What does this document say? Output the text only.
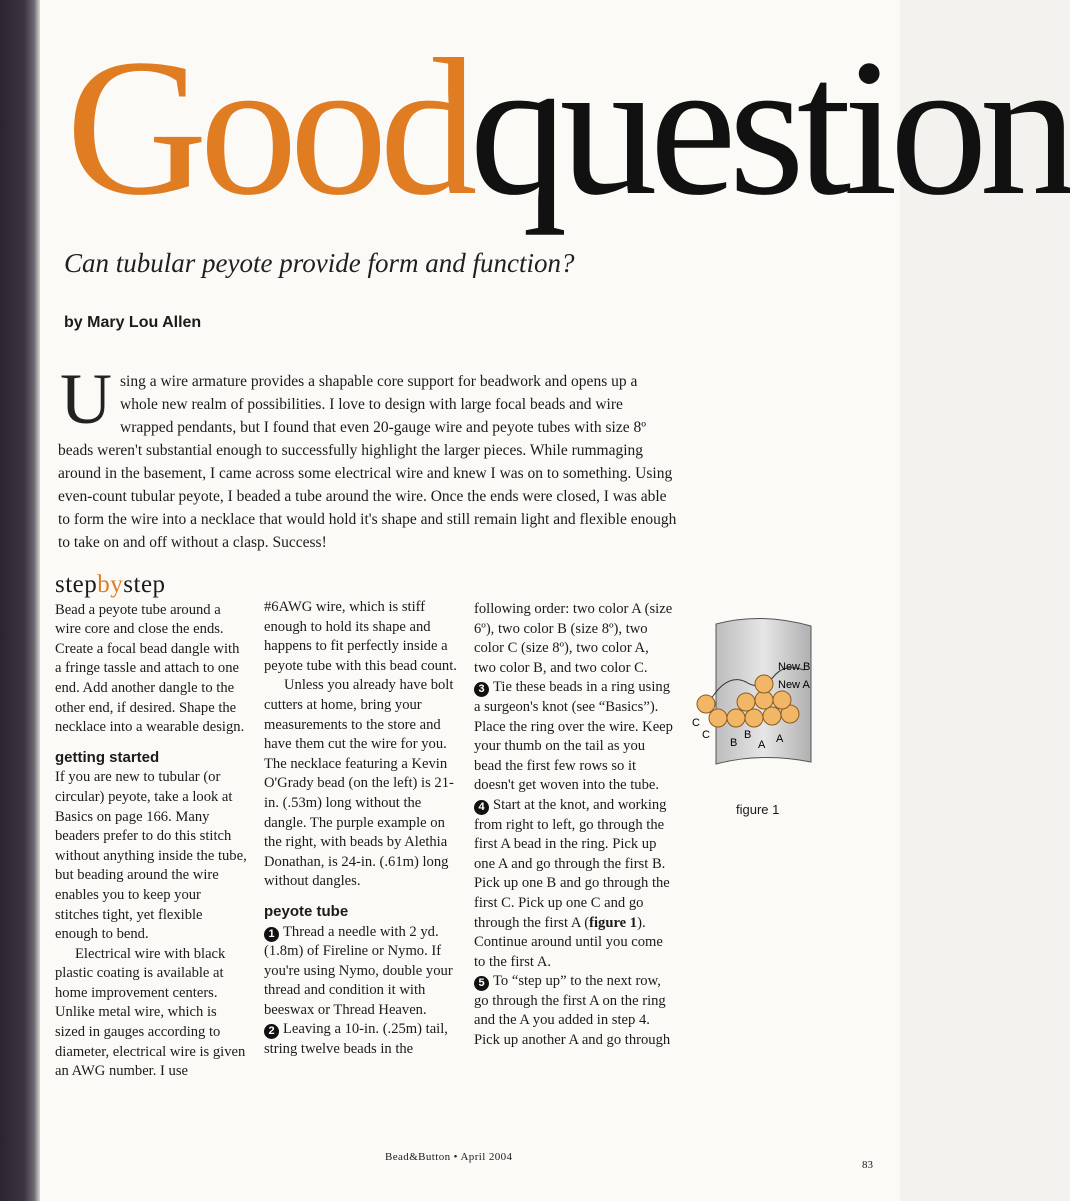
Goodquestion
Can tubular peyote provide form and function?
by Mary Lou Allen
U sing a wire armature provides a shapable core support for beadwork and opens up a whole new realm of possibilities. I love to design with large focal beads and wire wrapped pendants, but I found that even 20-gauge wire and peyote tubes with size 8º beads weren't substantial enough to successfully highlight the larger pieces. While rummaging around in the basement, I came across some electrical wire and knew I was on to something. Using even-count tubular peyote, I beaded a tube around the wire. Once the ends were closed, I was able to form the wire into a necklace that would hold it's shape and still remain light and flexible enough to take on and off without a clasp. Success!
stepbystep

Bead a peyote tube around a wire core and close the ends. Create a focal bead dangle with a fringe tassle and attach to one end. Add another dangle to the other end, if desired. Shape the necklace into a wearable design.

getting started

If you are new to tubular (or circular) peyote, take a look at Basics on page 166. Many beaders prefer to do this stitch without anything inside the tube, but beading around the wire enables you to keep your stitches tight, yet flexible enough to bend.

Electrical wire with black plastic coating is available at home improvement centers. Unlike metal wire, which is sized in gauges according to diameter, electrical wire is given an AWG number. I use

#6AWG wire, which is stiff enough to hold its shape and happens to fit perfectly inside a peyote tube with this bead count.

Unless you already have bolt cutters at home, bring your measurements to the store and have them cut the wire for you. The necklace featuring a Kevin O'Grady bead (on the left) is 21-in. (.53m) long without the dangle. The purple example on the right, with beads by Alethia Donathan, is 24-in. (.61m) long without dangles.

peyote tube

1 Thread a needle with 2 yd. (1.8m) of Fireline or Nymo. If you're using Nymo, double your thread and condition it with beeswax or Thread Heaven.

2 Leaving a 10-in. (.25m) tail, string twelve beads in the

following order: two color A (size 6º), two color B (size 8º), two color C (size 8º), two color A, two color B, and two color C.

3 Tie these beads in a ring using a surgeon's knot (see “Basics”). Place the ring over the wire. Keep your thumb on the tail as you bead the first few rows so it doesn't get woven into the tube.

4 Start at the knot, and working from right to left, go through the first A bead in the ring. Pick up one A and go through the first B. Pick up one B and go through the first C. Pick up one C and go through the first A (figure 1). Continue around until you come to the first A.

5 To “step up” to the next row, go through the first A on the ring and the A you added in step 4. Pick up another A and go through

New B
New A
C
C
B
B
A A
figure 1
Bead&Button • April 2004
83
